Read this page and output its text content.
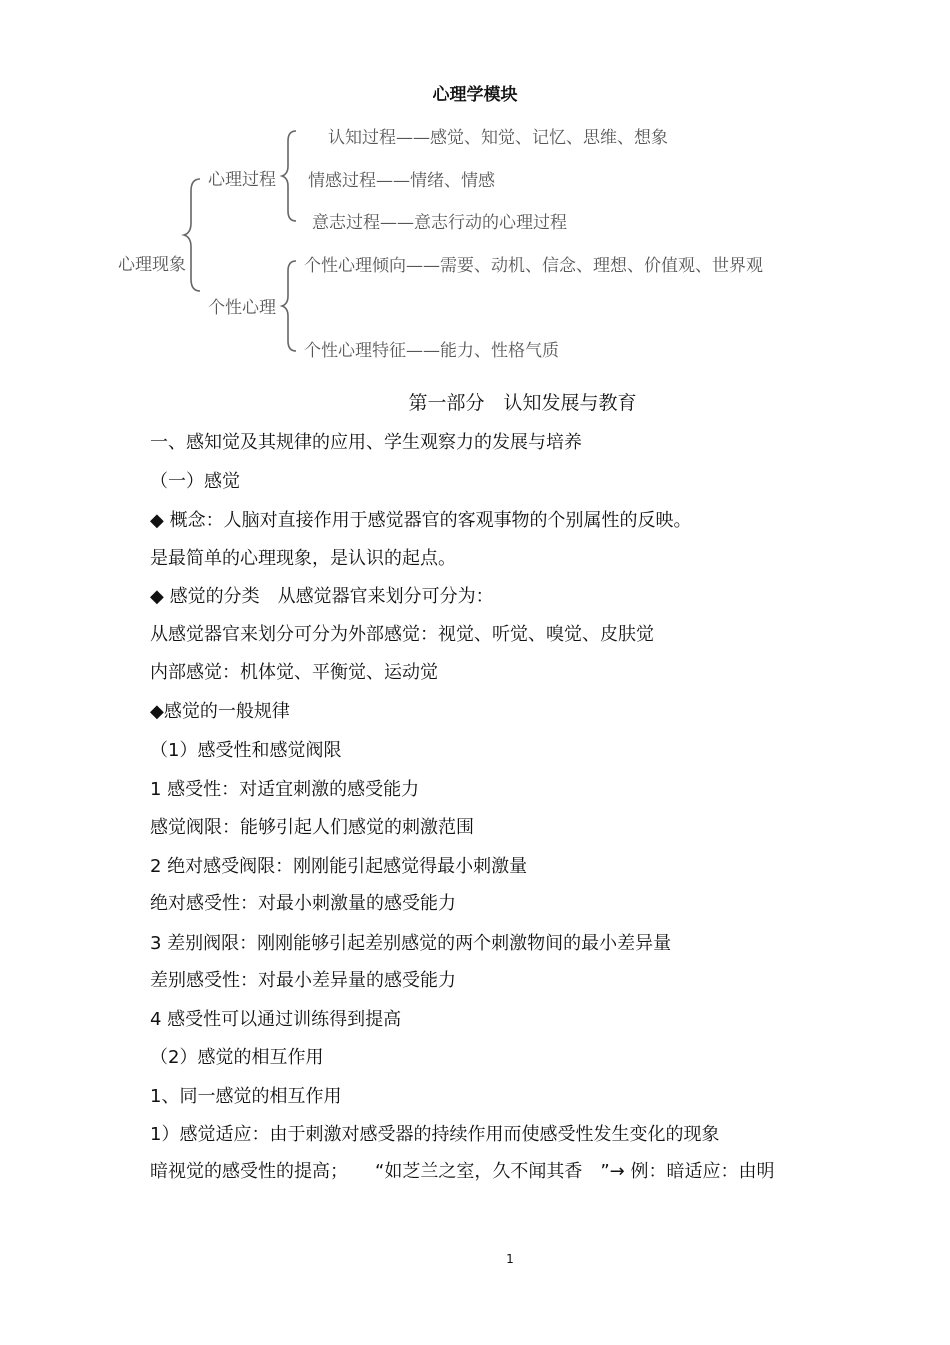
心理学模块
心理现象
心理过程
个性心理
认知过程——感觉、知觉、记忆、思维、想象
情感过程——情绪、情感
意志过程——意志行动的心理过程
个性心理倾向——需要、动机、信念、理想、价值观、世界观
个性心理特征——能力、性格气质
第一部分　认知发展与教育
一、感知觉及其规律的应用、学生观察力的发展与培养
（一）感觉
◆ 概念：人脑对直接作用于感觉器官的客观事物的个别属性的反映。
是最简单的心理现象，是认识的起点。
◆ 感觉的分类　从感觉器官来划分可分为：
从感觉器官来划分可分为外部感觉：视觉、听觉、嗅觉、皮肤觉
内部感觉：机体觉、平衡觉、运动觉
◆感觉的一般规律
（1）感受性和感觉阀限
1 感受性：对适宜刺激的感受能力
感觉阀限：能够引起人们感觉的刺激范围
2 绝对感受阀限：刚刚能引起感觉得最小刺激量
绝对感受性：对最小刺激量的感受能力
3 差别阀限：刚刚能够引起差别感觉的两个刺激物间的最小差异量
差别感受性：对最小差异量的感受能力
4 感受性可以通过训练得到提高
（2）感觉的相互作用
1、同一感觉的相互作用
1）感觉适应：由于刺激对感受器的持续作用而使感受性发生变化的现象
暗视觉的感受性的提高；　　“如芝兰之室，久不闻其香　”→ 例：暗适应：由明
1
